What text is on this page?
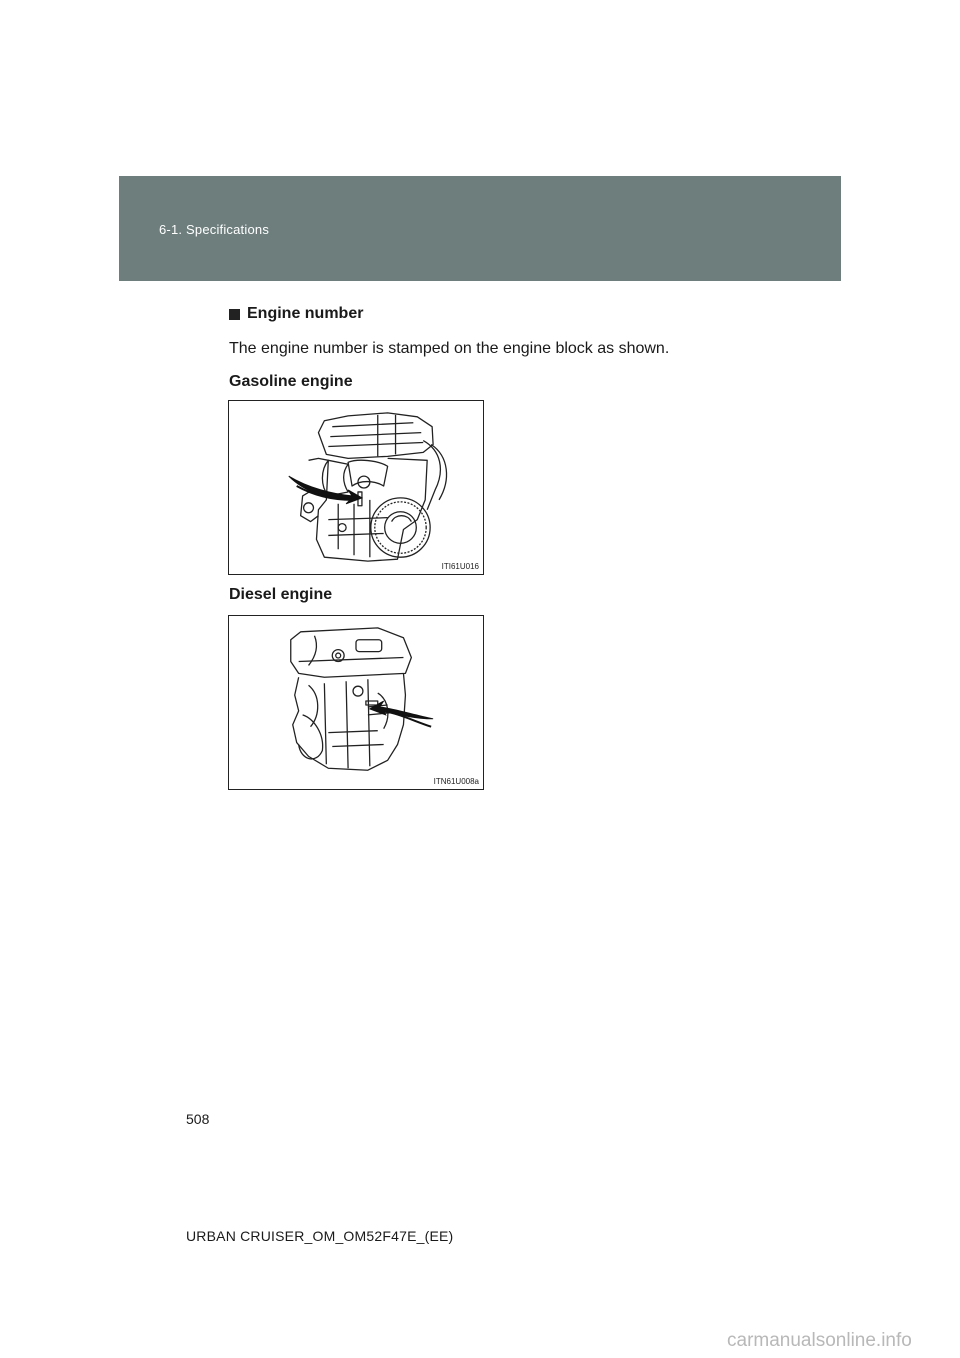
6-1. Specifications
Engine number
The engine number is stamped on the engine block as shown.
Gasoline engine
ITI61U016
Diesel engine
ITN61U008a
508
URBAN CRUISER_OM_OM52F47E_(EE)
carmanualsonline.info
